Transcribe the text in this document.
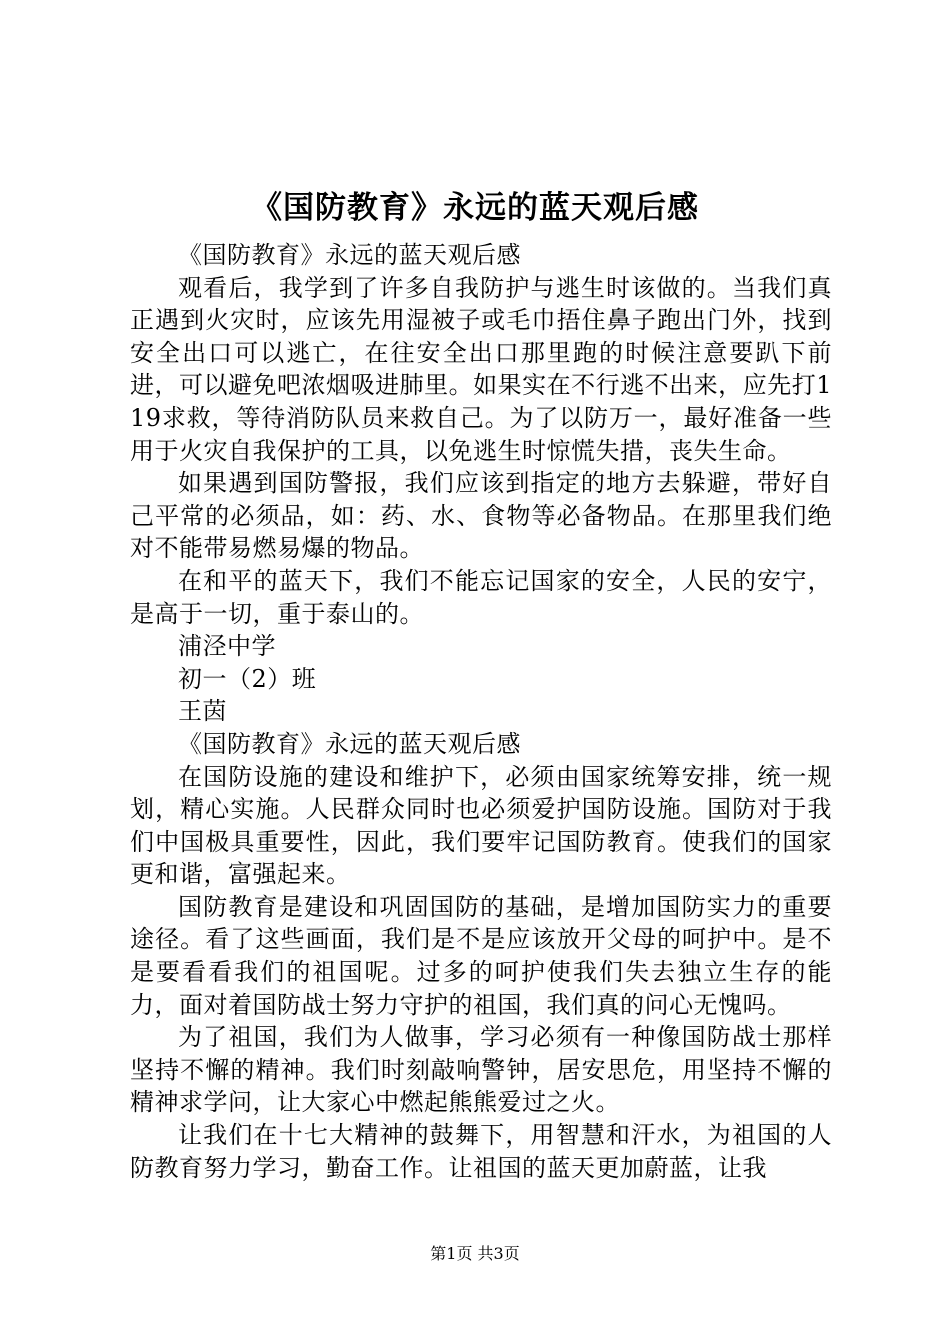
《国防教育》永远的蓝天观后感

《国防教育》永远的蓝天观后感

观看后，我学到了许多自我防护与逃生时该做的。当我们真正遇到火灾时，应该先用湿被子或毛巾捂住鼻子跑出门外，找到安全出口可以逃亡，在往安全出口那里跑的时候注意要趴下前进，可以避免吧浓烟吸进肺里。如果实在不行逃不出来，应先打119求救，等待消防队员来救自己。为了以防万一，最好准备一些用于火灾自我保护的工具，以免逃生时惊慌失措，丧失生命。

如果遇到国防警报，我们应该到指定的地方去躲避，带好自己平常的必须品，如：药、水、食物等必备物品。在那里我们绝对不能带易燃易爆的物品。

在和平的蓝天下，我们不能忘记国家的安全，人民的安宁，是高于一切，重于泰山的。

浦泾中学

初一（2）班

王茵

《国防教育》永远的蓝天观后感

在国防设施的建设和维护下，必须由国家统筹安排，统一规划，精心实施。人民群众同时也必须爱护国防设施。国防对于我们中国极具重要性，因此，我们要牢记国防教育。使我们的国家更和谐，富强起来。

国防教育是建设和巩固国防的基础，是增加国防实力的重要途径。看了这些画面，我们是不是应该放开父母的呵护中。是不是要看看我们的祖国呢。过多的呵护使我们失去独立生存的能力，面对着国防战士努力守护的祖国，我们真的问心无愧吗。

为了祖国，我们为人做事，学习必须有一种像国防战士那样坚持不懈的精神。我们时刻敲响警钟，居安思危，用坚持不懈的精神求学问，让大家心中燃起熊熊爱过之火。

让我们在十七大精神的鼓舞下，用智慧和汗水，为祖国的人防教育努力学习，勤奋工作。让祖国的蓝天更加蔚蓝，让我

第1页 共3页
